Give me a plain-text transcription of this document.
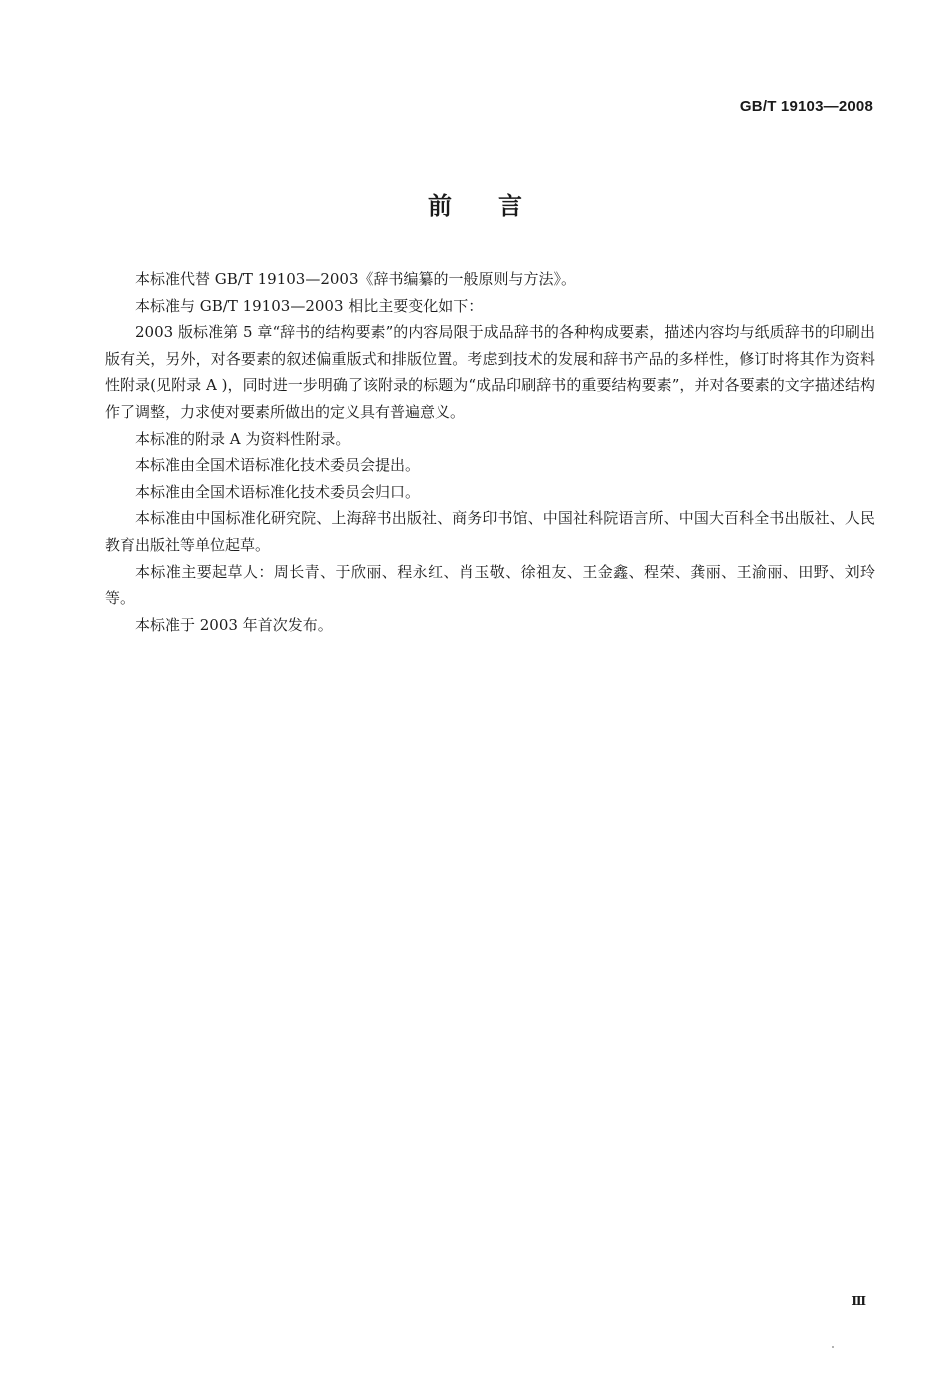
GB/T 19103—2008
前言

本标准代替 GB/T 19103—2003《辞书编纂的一般原则与方法》。

本标准与 GB/T 19103—2003 相比主要变化如下：

2003 版标准第 5 章“辞书的结构要素”的内容局限于成品辞书的各种构成要素，描述内容均与纸质辞书的印刷出版有关，另外，对各要素的叙述偏重版式和排版位置。考虑到技术的发展和辞书产品的多样性，修订时将其作为资料性附录(见附录 A )，同时进一步明确了该附录的标题为“成品印刷辞书的重要结构要素”，并对各要素的文字描述结构作了调整，力求使对要素所做出的定义具有普遍意义。

本标准的附录 A 为资料性附录。

本标准由全国术语标准化技术委员会提出。

本标准由全国术语标准化技术委员会归口。

本标准由中国标准化研究院、上海辞书出版社、商务印书馆、中国社科院语言所、中国大百科全书出版社、人民教育出版社等单位起草。

本标准主要起草人：周长青、于欣丽、程永红、肖玉敬、徐祖友、王金鑫、程荣、龚丽、王渝丽、田野、刘玲等。

本标准于 2003 年首次发布。

Ⅲ
